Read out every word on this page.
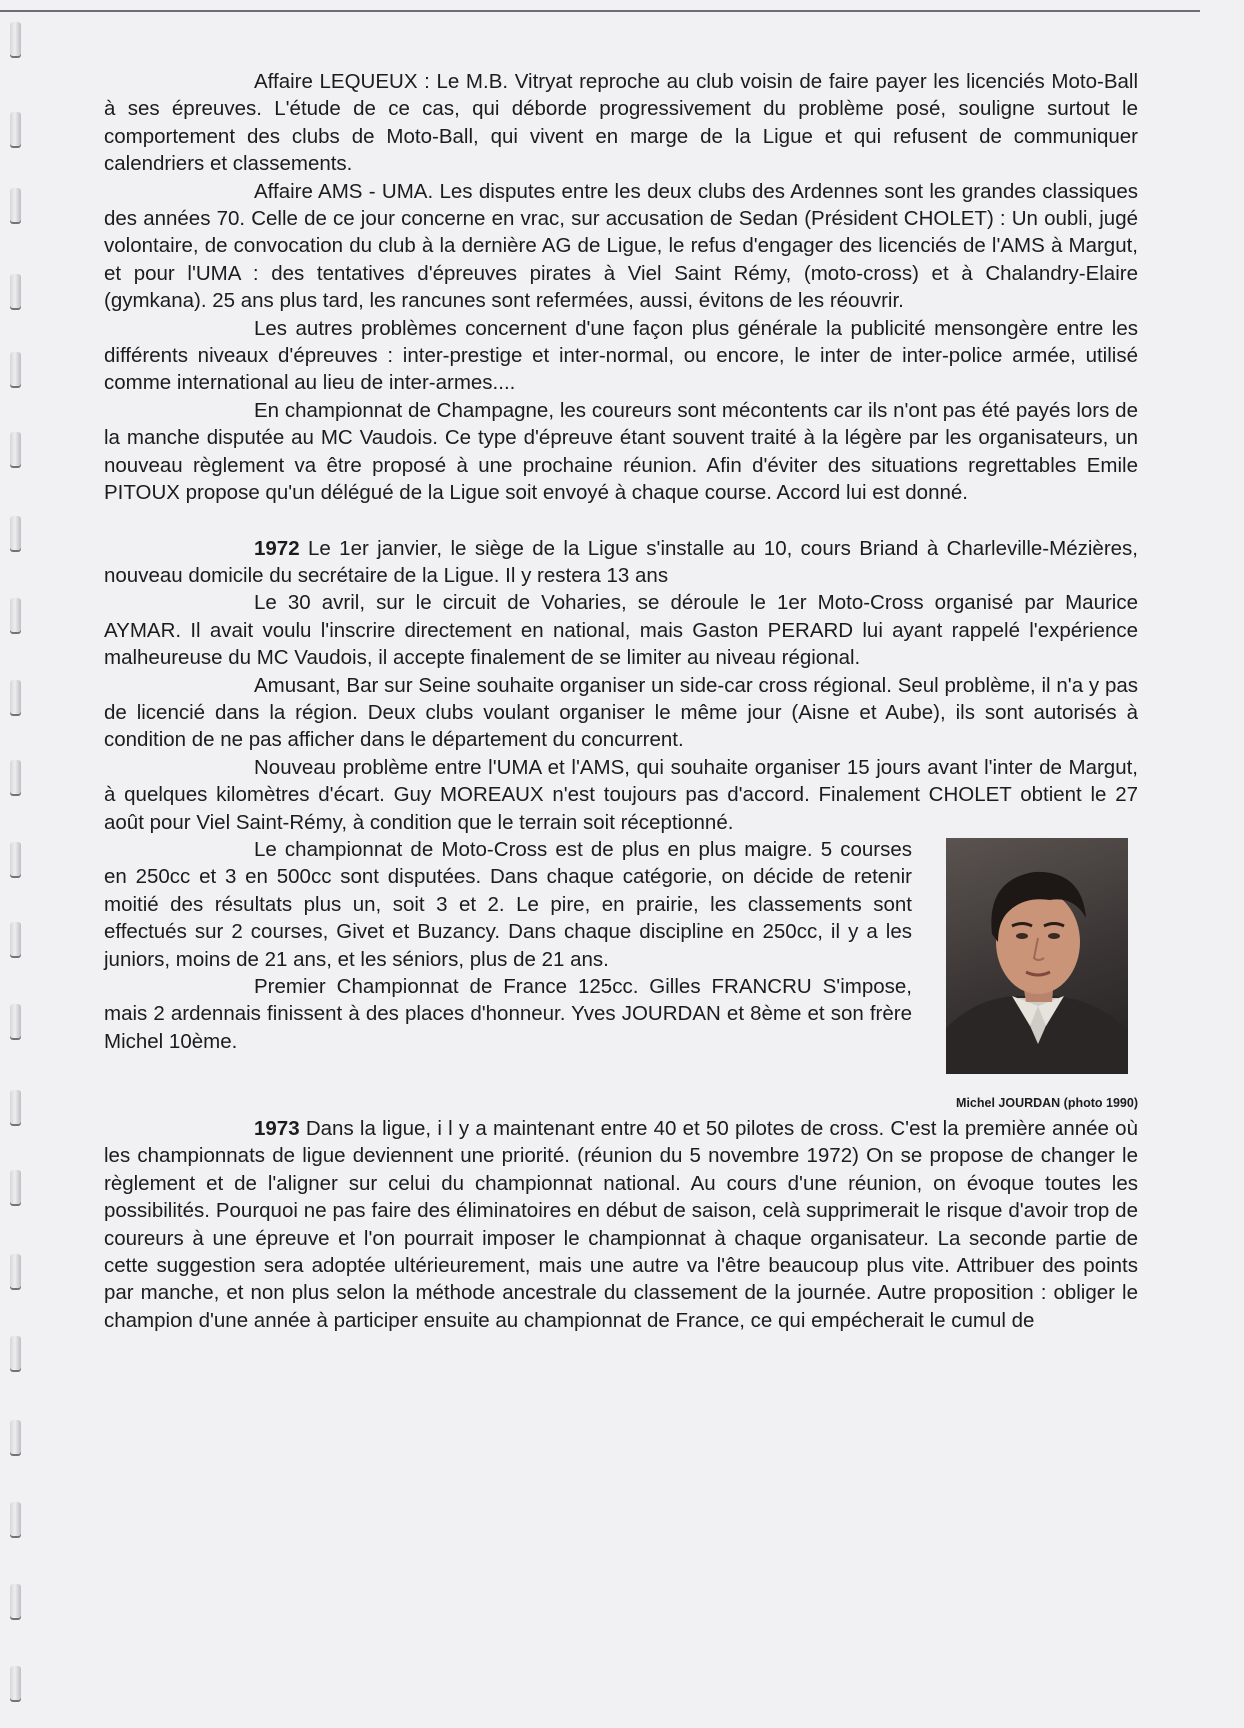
Affaire LEQUEUX : Le M.B. Vitryat reproche au club voisin de faire payer les licenciés Moto-Ball à ses épreuves. L'étude de ce cas, qui déborde progressivement du problème posé, souligne surtout le comportement des clubs de Moto-Ball, qui vivent en marge de la Ligue et qui refusent de communiquer calendriers et classements.

Affaire AMS - UMA. Les disputes entre les deux clubs des Ardennes sont les grandes classiques des années 70. Celle de ce jour concerne en vrac, sur accusation de Sedan (Président CHOLET) : Un oubli, jugé volontaire, de convocation du club à la dernière AG de Ligue, le refus d'engager des licenciés de l'AMS à Margut, et pour l'UMA : des tentatives d'épreuves pirates à Viel Saint Rémy, (moto-cross) et à Chalandry-Elaire (gymkana). 25 ans plus tard, les rancunes sont refermées, aussi, évitons de les réouvrir.

Les autres problèmes concernent d'une façon plus générale la publicité mensongère entre les différents niveaux d'épreuves : inter-prestige et inter-normal, ou encore, le inter de inter-police armée, utilisé comme international au lieu de inter-armes....

En championnat de Champagne, les coureurs sont mécontents car ils n'ont pas été payés lors de la manche disputée au MC Vaudois. Ce type d'épreuve étant souvent traité à la légère par les organisateurs, un nouveau règlement va être proposé à une prochaine réunion. Afin d'éviter des situations regrettables Emile PITOUX propose qu'un délégué de la Ligue soit envoyé à chaque course. Accord lui est donné.

1972 Le 1er janvier, le siège de la Ligue s'installe au 10, cours Briand à Charleville-Mézières, nouveau domicile du secrétaire de la Ligue. Il y restera 13 ans

Le 30 avril, sur le circuit de Voharies, se déroule le 1er Moto-Cross organisé par Maurice AYMAR. Il avait voulu l'inscrire directement en national, mais Gaston PERARD lui ayant rappelé l'expérience malheureuse du MC Vaudois, il accepte finalement de se limiter au niveau régional.

Amusant, Bar sur Seine souhaite organiser un side-car cross régional. Seul problème, il n'a y pas de licencié dans la région. Deux clubs voulant organiser le même jour (Aisne et Aube), ils sont autorisés à condition de ne pas afficher dans le département du concurrent.

Nouveau problème entre l'UMA et l'AMS, qui souhaite organiser 15 jours avant l'inter de Margut, à quelques kilomètres d'écart. Guy MOREAUX n'est toujours pas d'accord. Finalement CHOLET obtient le 27 août pour Viel Saint-Rémy, à condition que le terrain soit réceptionné.

Michel JOURDAN (photo 1990)

Le championnat de Moto-Cross est de plus en plus maigre. 5 courses en 250cc et 3 en 500cc sont disputées. Dans chaque catégorie, on décide de retenir moitié des résultats plus un, soit 3 et 2. Le pire, en prairie, les classements sont effectués sur 2 courses, Givet et Buzancy. Dans chaque discipline en 250cc, il y a les juniors, moins de 21 ans, et les séniors, plus de 21 ans.

Premier Championnat de France 125cc. Gilles FRANCRU S'impose, mais 2 ardennais finissent à des places d'honneur. Yves JOURDAN et 8ème et son frère Michel 10ème.

1973 Dans la ligue, i l y a maintenant entre 40 et 50 pilotes de cross. C'est la première année où les championnats de ligue deviennent une priorité. (réunion du 5 novembre 1972) On se propose de changer le règlement et de l'aligner sur celui du championnat national. Au cours d'une réunion, on évoque toutes les possibilités. Pourquoi ne pas faire des éliminatoires en début de saison, celà supprimerait le risque d'avoir trop de coureurs à une épreuve et l'on pourrait imposer le championnat à chaque organisateur. La seconde partie de cette suggestion sera adoptée ultérieurement, mais une autre va l'être beaucoup plus vite. Attribuer des points par manche, et non plus selon la méthode ancestrale du classement de la journée. Autre proposition : obliger le champion d'une année à participer ensuite au championnat de France, ce qui empécherait le cumul de
